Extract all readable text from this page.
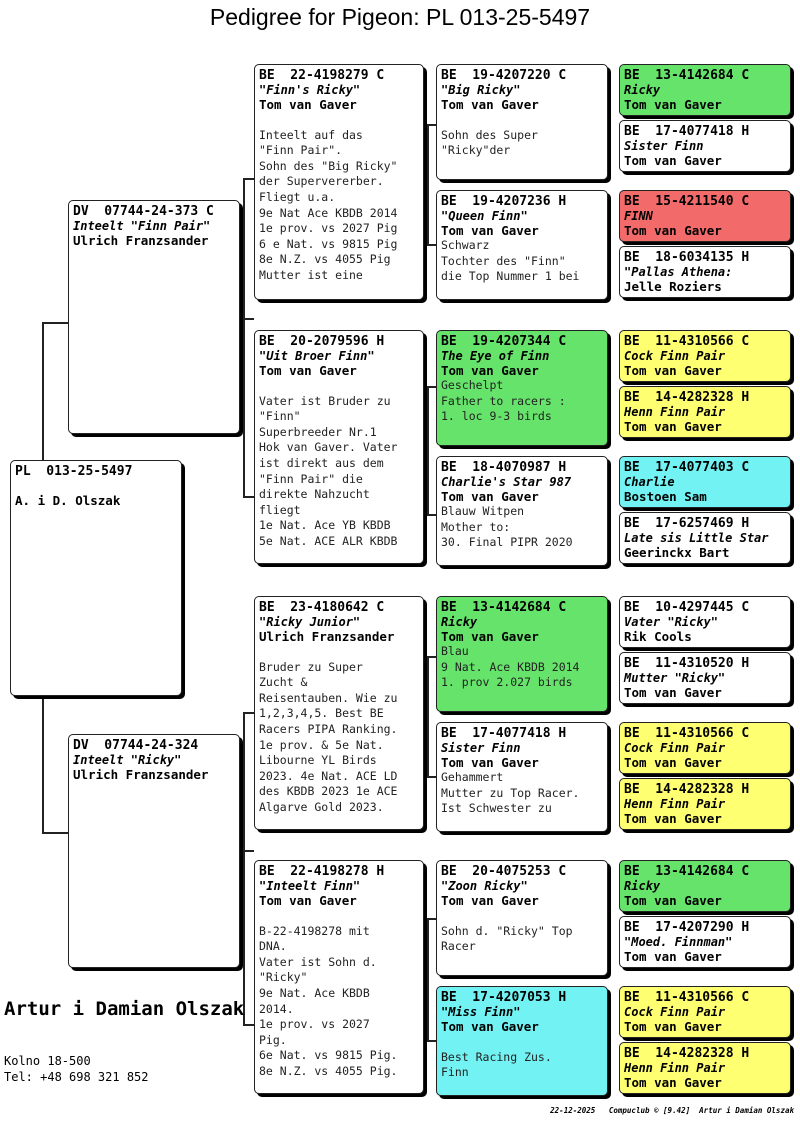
Pedigree for Pigeon: PL 013-25-5497
PL  013-25-5497
A. i D. Olszak
DV  07744-24-373 C
Inteelt "Finn Pair"
Ulrich Franzsander
DV  07744-24-324
Inteelt "Ricky"
Ulrich Franzsander
BE  22-4198279 C
"Finn's Ricky"
Tom van Gaver

Inteelt auf das
"Finn Pair".
Sohn des "Big Ricky"
der Supervererber.
Fliegt u.a.
9e Nat Ace KBDB 2014
1e prov. vs 2027 Pig
6 e Nat. vs 9815 Pig
8e N.Z. vs 4055 Pig
Mutter ist eine
BE  20-2079596 H
"Uit Broer Finn"
Tom van Gaver

Vater ist Bruder zu
"Finn"
Superbreeder Nr.1
Hok van Gaver. Vater
ist direkt aus dem
"Finn Pair" die
direkte Nahzucht
fliegt
1e Nat. Ace YB KBDB
5e Nat. ACE ALR KBDB
BE  23-4180642 C
"Ricky Junior"
Ulrich Franzsander

Bruder zu Super
Zucht &
Reisentauben. Wie zu
1,2,3,4,5. Best BE
Racers PIPA Ranking.
1e prov. & 5e Nat.
Libourne YL Birds
2023. 4e Nat. ACE LD
des KBDB 2023 1e ACE
Algarve Gold 2023.
BE  22-4198278 H
"Inteelt Finn"
Tom van Gaver

B-22-4198278 mit
DNA.
Vater ist Sohn d.
"Ricky"
9e Nat. Ace KBDB
2014.
1e prov. vs 2027
Pig.
6e Nat. vs 9815 Pig.
8e N.Z. vs 4055 Pig.
BE  19-4207220 C
"Big Ricky"
Tom van Gaver

Sohn des Super
"Ricky"der
BE  19-4207236 H
"Queen Finn"
Tom van Gaver
Schwarz
Tochter des "Finn"
die Top Nummer 1 bei
BE  19-4207344 C
The Eye of Finn
Tom van Gaver
Geschelpt
Father to racers :
1. loc 9-3 birds
BE  18-4070987 H
Charlie's Star 987
Tom van Gaver
Blauw Witpen
Mother to:
30. Final PIPR 2020
BE  13-4142684 C
Ricky
Tom van Gaver
Blau
9 Nat. Ace KBDB 2014
1. prov 2.027 birds
BE  17-4077418 H
Sister Finn
Tom van Gaver
Gehammert
Mutter zu Top Racer.
Ist Schwester zu
BE  20-4075253 C
"Zoon Ricky"
Tom van Gaver

Sohn d. "Ricky" Top
Racer
BE  17-4207053 H
"Miss Finn"
Tom van Gaver

Best Racing Zus.
Finn
BE  13-4142684 C
Ricky
Tom van Gaver
BE  17-4077418 H
Sister Finn
Tom van Gaver
BE  15-4211540 C
FINN
Tom van Gaver
BE  18-6034135 H
"Pallas Athena:
Jelle Roziers
BE  11-4310566 C
Cock Finn Pair
Tom van Gaver
BE  14-4282328 H
Henn Finn Pair
Tom van Gaver
BE  17-4077403 C
Charlie
Bostoen Sam
BE  17-6257469 H
Late sis Little Star
Geerinckx Bart
BE  10-4297445 C
Vater "Ricky"
Rik Cools
BE  11-4310520 H
Mutter "Ricky"
Tom van Gaver
BE  11-4310566 C
Cock Finn Pair
Tom van Gaver
BE  14-4282328 H
Henn Finn Pair
Tom van Gaver
BE  13-4142684 C
Ricky
Tom van Gaver
BE  17-4207290 H
"Moed. Finnman"
Tom van Gaver
BE  11-4310566 C
Cock Finn Pair
Tom van Gaver
BE  14-4282328 H
Henn Finn Pair
Tom van Gaver
Artur i Damian Olszak
Kolno 18-500
Tel: +48 698 321 852
22-12-2025   Compuclub © [9.42]  Artur i Damian Olszak
